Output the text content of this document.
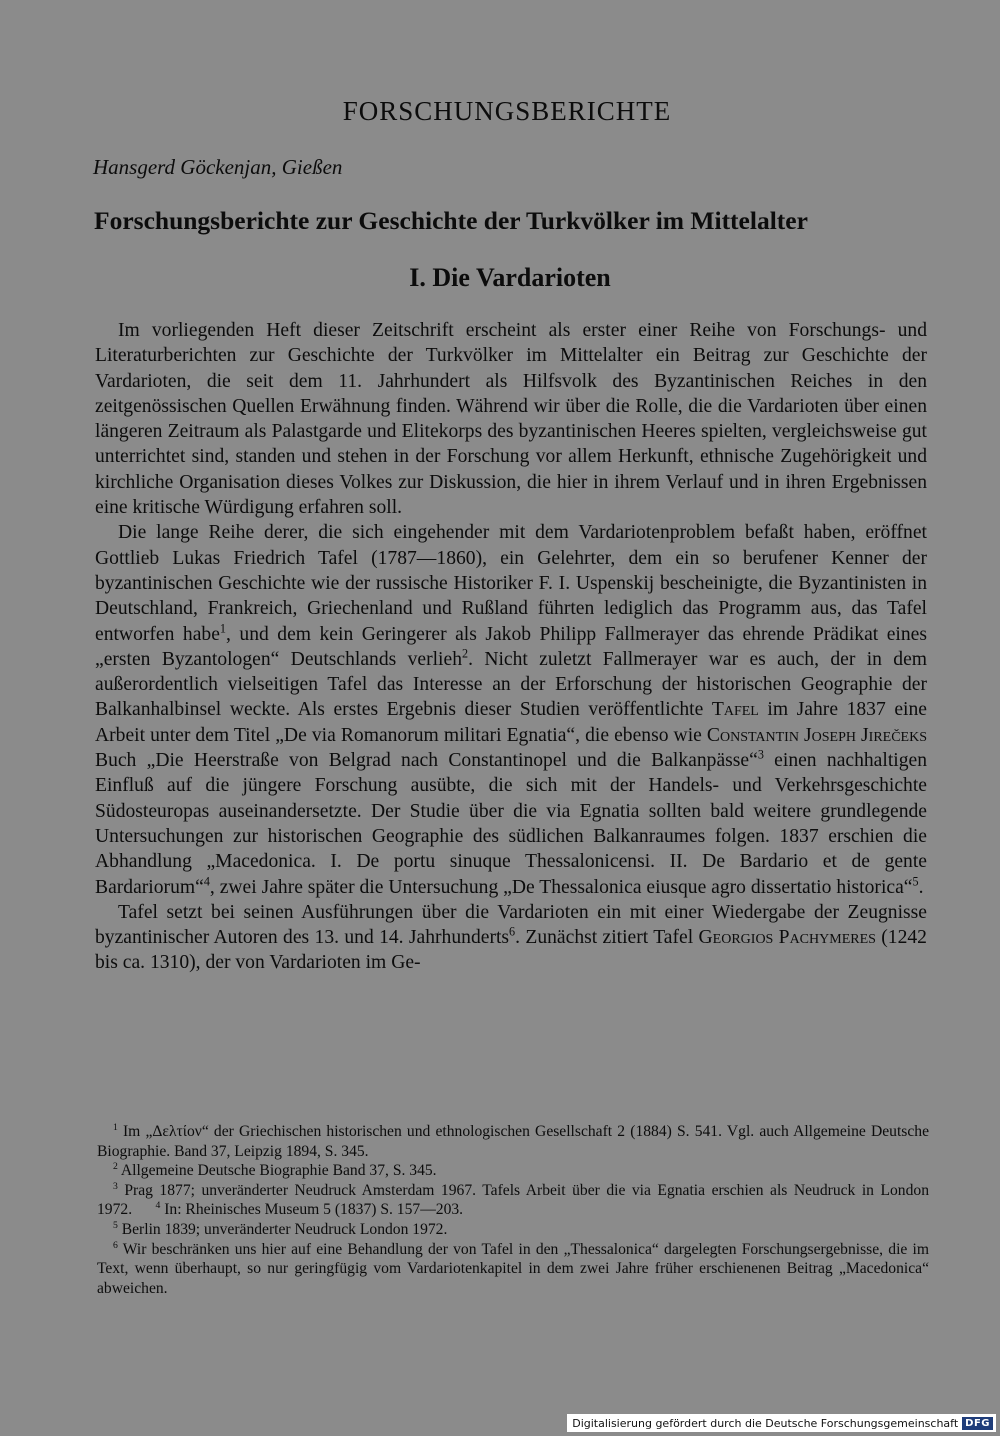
FORSCHUNGSBERICHTE
Hansgerd Göckenjan, Gießen
Forschungsberichte zur Geschichte der Turkvölker im Mittelalter
I. Die Vardarioten

Im vorliegenden Heft dieser Zeitschrift erscheint als erster einer Reihe von Forschungs- und Literaturberichten zur Geschichte der Turkvölker im Mittelalter ein Beitrag zur Geschichte der Vardarioten, die seit dem 11. Jahrhundert als Hilfsvolk des Byzantinischen Reiches in den zeitgenössischen Quellen Erwähnung finden. Während wir über die Rolle, die die Vardarioten über einen längeren Zeitraum als Palastgarde und Elitekorps des byzantinischen Heeres spielten, vergleichsweise gut unterrichtet sind, standen und stehen in der Forschung vor allem Herkunft, ethnische Zugehörigkeit und kirchliche Organisation dieses Volkes zur Diskussion, die hier in ihrem Verlauf und in ihren Ergebnissen eine kritische Würdigung erfahren soll.

Die lange Reihe derer, die sich eingehender mit dem Vardariotenproblem befaßt haben, eröffnet Gottlieb Lukas Friedrich Tafel (1787—1860), ein Gelehrter, dem ein so berufener Kenner der byzantinischen Geschichte wie der russische Historiker F. I. Uspenskij bescheinigte, die Byzantinisten in Deutschland, Frankreich, Griechenland und Rußland führten lediglich das Programm aus, das Tafel entworfen habe$^1$, und dem kein Geringerer als Jakob Philipp Fallmerayer das ehrende Prädikat eines „ersten Byzantologen“ Deutschlands verlieh$^2$. Nicht zuletzt Fallmerayer war es auch, der in dem außerordentlich vielseitigen Tafel das Interesse an der Erforschung der historischen Geographie der Balkanhalbinsel weckte. Als erstes Ergebnis dieser Studien veröffentlichte Tafel im Jahre 1837 eine Arbeit unter dem Titel „De via Romanorum militari Egnatia“, die ebenso wie Constantin Joseph Jirečeks Buch „Die Heerstraße von Belgrad nach Constantinopel und die Balkanpässe“$^3$ einen nachhaltigen Einfluß auf die jüngere Forschung ausübte, die sich mit der Handels- und Verkehrsgeschichte Südosteuropas auseinandersetzte. Der Studie über die via Egnatia sollten bald weitere grundlegende Untersuchungen zur historischen Geographie des südlichen Balkanraumes folgen. 1837 erschien die Abhandlung „Macedonica. I. De portu sinuque Thessalonicensi. II. De Bardario et de gente Bardariorum“$^4$, zwei Jahre später die Untersuchung „De Thessalonica eiusque agro dissertatio historica“$^5$.

Tafel setzt bei seinen Ausführungen über die Vardarioten ein mit einer Wiedergabe der Zeugnisse byzantinischer Autoren des 13. und 14. Jahrhunderts$^6$. Zunächst zitiert Tafel Georgios Pachymeres (1242 bis ca. 1310), der von Vardarioten im Ge-

$^1$ Im „Δελτίον“ der Griechischen historischen und ethnologischen Gesellschaft 2 (1884) S. 541. Vgl. auch Allgemeine Deutsche Biographie. Band 37, Leipzig 1894, S. 345.

$^2$ Allgemeine Deutsche Biographie Band 37, S. 345.

$^3$ Prag 1877; unveränderter Neudruck Amsterdam 1967. Tafels Arbeit über die via Egnatia erschien als Neudruck in London 1972. $^4$ In: Rheinisches Museum 5 (1837) S. 157—203.

$^5$ Berlin 1839; unveränderter Neudruck London 1972.

$^6$ Wir beschränken uns hier auf eine Behandlung der von Tafel in den „Thessalonica“ dargelegten Forschungsergebnisse, die im Text, wenn überhaupt, so nur geringfügig vom Vardariotenkapitel in dem zwei Jahre früher erschienenen Beitrag „Macedonica“ abweichen.

Digitalisierung gefördert durch die Deutsche Forschungsgemeinschaft DFG
